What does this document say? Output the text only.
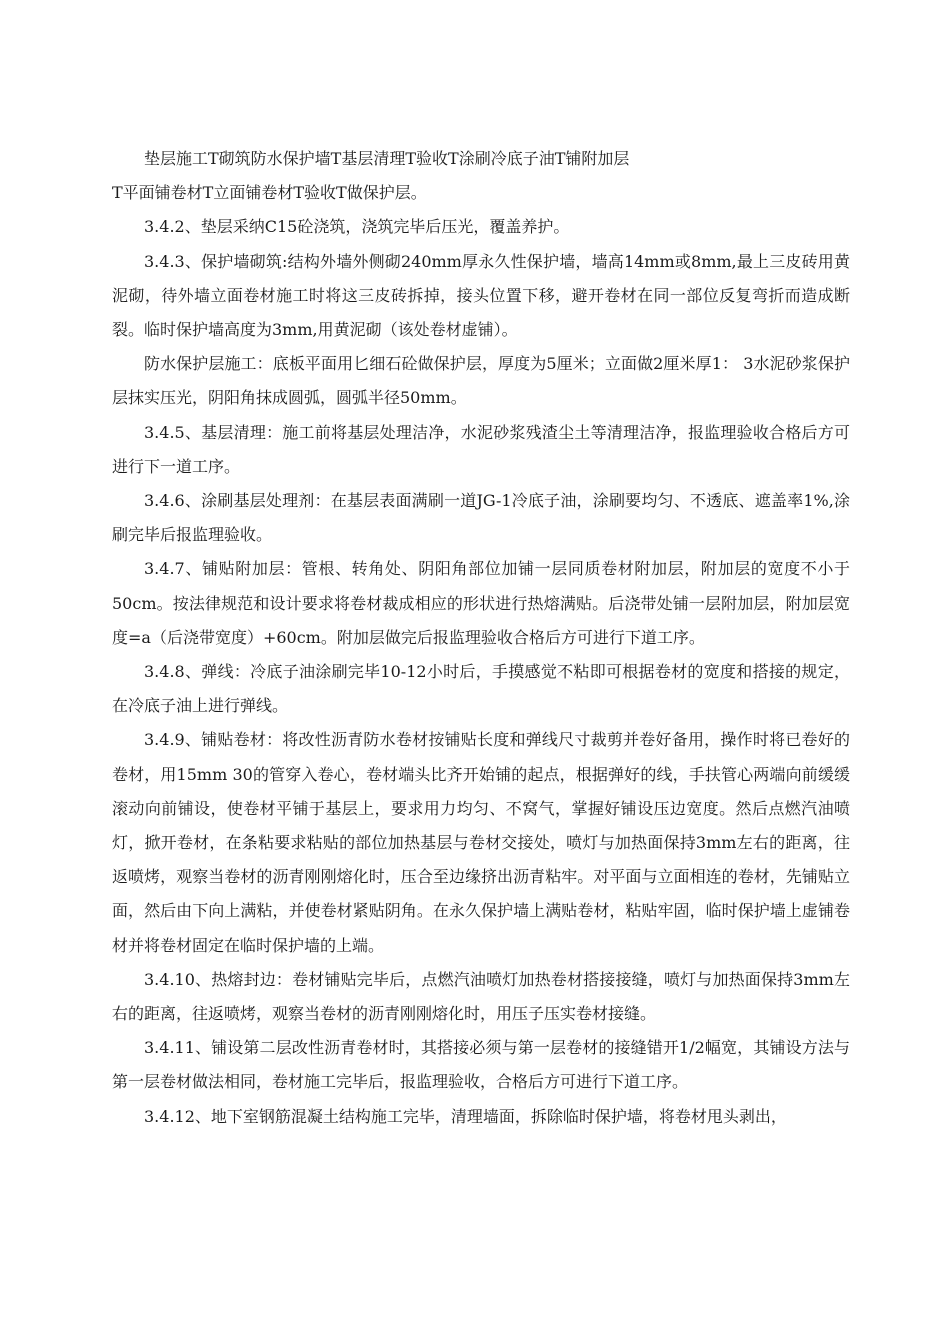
垫层施工T砌筑防水保护墙T基层清理T验收T涂刷冷底子油T铺附加层

T平面铺卷材T立面铺卷材T验收T做保护层。

3.4.2、垫层采纳C15砼浇筑，浇筑完毕后压光，覆盖养护。

3.4.3、保护墙砌筑:结构外墙外侧砌240mm厚永久性保护墙，墙高14mm或8mm,最上三皮砖用黄泥砌，待外墙立面卷材施工时将这三皮砖拆掉，接头位置下移，避开卷材在同一部位反复弯折而造成断裂。临时保护墙高度为3mm,用黄泥砌（该处卷材虚铺）。

防水保护层施工：底板平面用匕细石砼做保护层，厚度为5厘米；立面做2厘米厚1： 3水泥砂浆保护层抹实压光，阴阳角抹成圆弧，圆弧半径50mm。

3.4.5、基层清理：施工前将基层处理洁净，水泥砂浆残渣尘土等清理洁净，报监理验收合格后方可进行下一道工序。

3.4.6、涂刷基层处理剂：在基层表面满刷一道JG-1冷底子油，涂刷要均匀、不透底、遮盖率1%,涂刷完毕后报监理验收。

3.4.7、铺贴附加层：管根、转角处、阴阳角部位加铺一层同质卷材附加层，附加层的宽度不小于50cm。按法律规范和设计要求将卷材裁成相应的形状进行热熔满贴。后浇带处铺一层附加层，附加层宽度=a（后浇带宽度）+60cm。附加层做完后报监理验收合格后方可进行下道工序。

3.4.8、弹线：冷底子油涂刷完毕10-12小时后，手摸感觉不粘即可根据卷材的宽度和搭接的规定，在冷底子油上进行弹线。

3.4.9、铺贴卷材：将改性沥青防水卷材按铺贴长度和弹线尺寸裁剪并卷好备用，操作时将已卷好的卷材，用15mm 30的管穿入卷心，卷材端头比齐开始铺的起点，根据弹好的线，手扶管心两端向前缓缓滚动向前铺设，使卷材平铺于基层上，要求用力均匀、不窝气，掌握好铺设压边宽度。然后点燃汽油喷灯，掀开卷材，在条粘要求粘贴的部位加热基层与卷材交接处，喷灯与加热面保持3mm左右的距离，往返喷烤，观察当卷材的沥青刚刚熔化时，压合至边缘挤出沥青粘牢。对平面与立面相连的卷材，先铺贴立面，然后由下向上满粘，并使卷材紧贴阴角。在永久保护墙上满贴卷材，粘贴牢固，临时保护墙上虚铺卷材并将卷材固定在临时保护墙的上端。

3.4.10、热熔封边：卷材铺贴完毕后，点燃汽油喷灯加热卷材搭接接缝，喷灯与加热面保持3mm左右的距离，往返喷烤，观察当卷材的沥青刚刚熔化时，用压子压实卷材接缝。

3.4.11、铺设第二层改性沥青卷材时，其搭接必须与第一层卷材的接缝错开1/2幅宽，其铺设方法与第一层卷材做法相同，卷材施工完毕后，报监理验收，合格后方可进行下道工序。

3.4.12、地下室钢筋混凝土结构施工完毕，清理墙面，拆除临时保护墙，将卷材甩头剥出，
